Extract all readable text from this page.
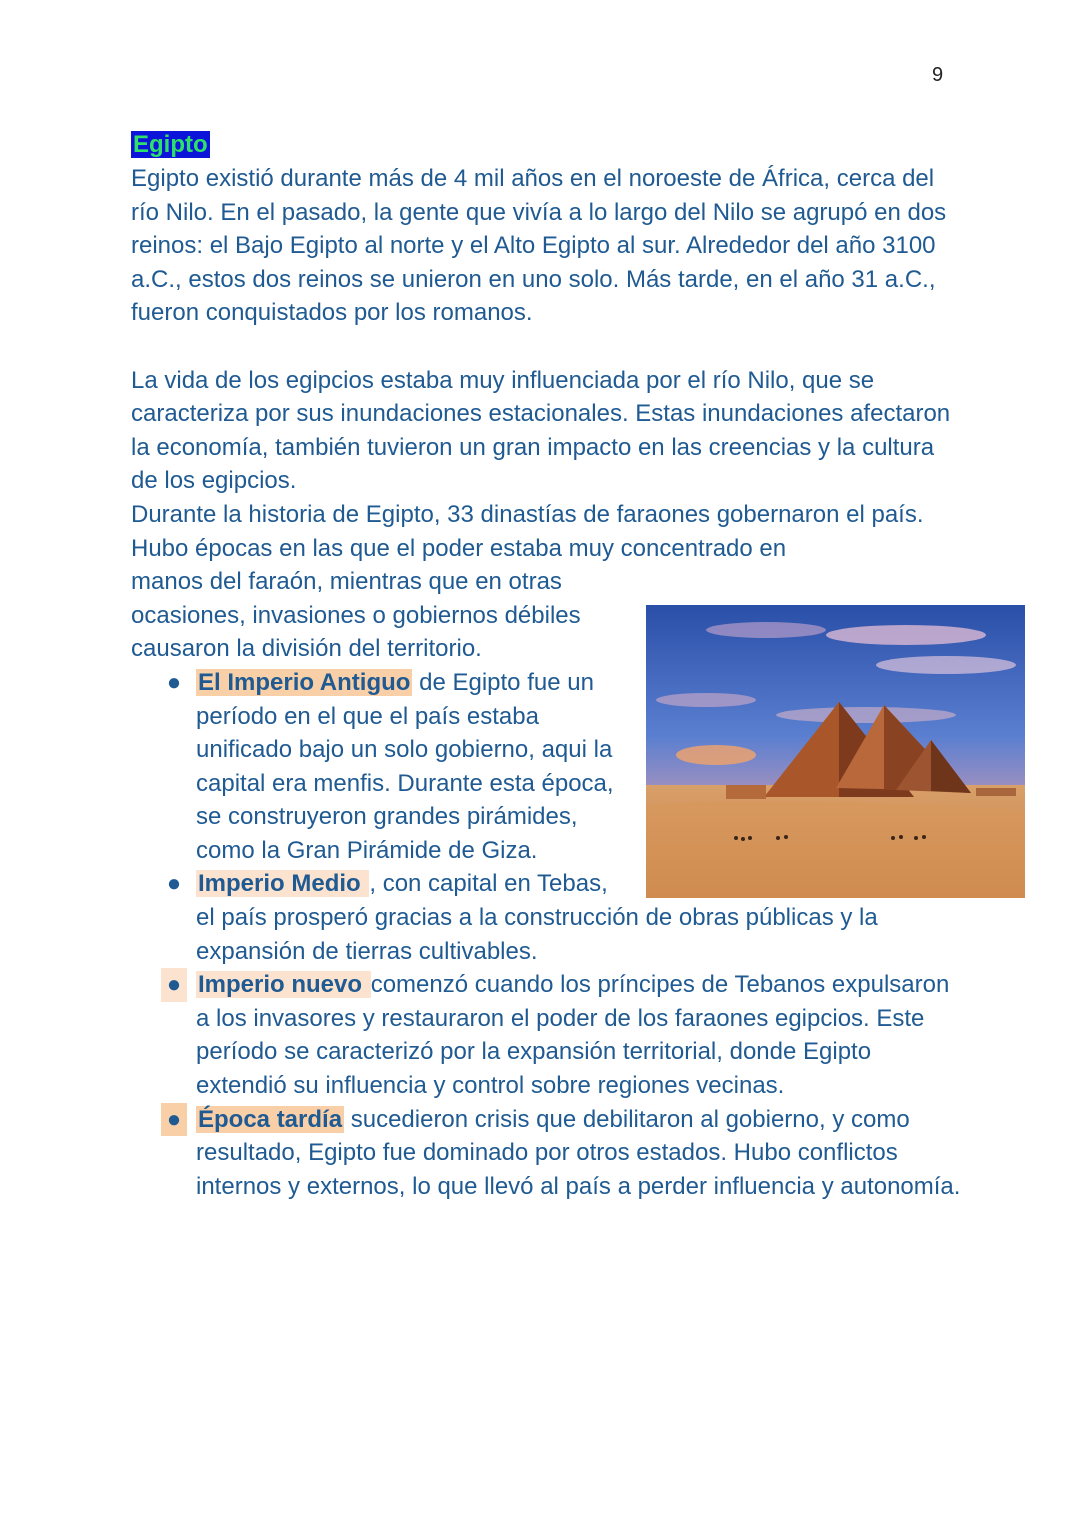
9
Egipto

Egipto existió durante más de 4 mil años en el noroeste de África, cerca del río Nilo. En el pasado, la gente que vivía a lo largo del Nilo se agrupó en dos reinos: el Bajo Egipto al norte y el Alto Egipto al sur. Alrededor del año 3100 a.C., estos dos reinos se unieron en uno solo. Más tarde, en el año 31 a.C., fueron conquistados por los romanos.

La vida de los egipcios estaba muy influenciada por el río Nilo, que se caracteriza por sus inundaciones estacionales. Estas inundaciones afectaron la economía, también tuvieron un gran impacto en las creencias y la cultura de los egipcios.

Durante la historia de Egipto, 33 dinastías de faraones gobernaron el país. Hubo épocas en las que el poder estaba muy concentrado en

manos del faraón, mientras que en otras ocasiones, invasiones o gobiernos débiles causaron la división del territorio.

● El Imperio Antiguo de Egipto fue un período en el que el país estaba unificado bajo un solo gobierno, aqui la capital era menfis. Durante esta época, se construyeron grandes pirámides, como la Gran Pirámide de Giza.
● Imperio Medio , con capital en Tebas,
el país prosperó gracias a la construcción de obras públicas y la expansión de tierras cultivables.
● Imperio nuevo comenzó cuando los príncipes de Tebanos expulsaron a los invasores y restauraron el poder de los faraones egipcios. Este período se caracterizó por la expansión territorial, donde Egipto extendió su influencia y control sobre regiones vecinas.
● Época tardía sucedieron crisis que debilitaron al gobierno, y como resultado, Egipto fue dominado por otros estados. Hubo conflictos internos y externos, lo que llevó al país a perder influencia y autonomía.
